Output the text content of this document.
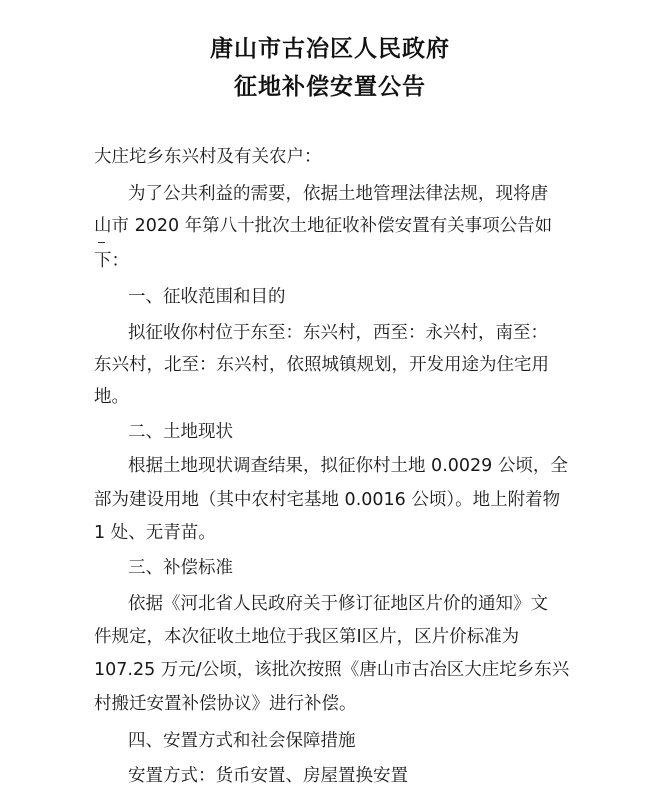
唐山市古冶区人民政府
征地补偿安置公告
大庄坨乡东兴村及有关农户：
为了公共利益的需要，依据土地管理法律法规，现将唐
山市 2020 年第八十批次土地征收补偿安置有关事项公告如
下：
一、征收范围和目的
拟征收你村位于东至：东兴村，西至：永兴村，南至：
东兴村，北至：东兴村，依照城镇规划，开发用途为住宅用
地。
二、土地现状
根据土地现状调查结果，拟征你村土地 0.0029 公顷，全
部为建设用地（其中农村宅基地 0.0016 公顷）。地上附着物
1 处、无青苗。
三、补偿标准
依据《河北省人民政府关于修订征地区片价的通知》文
件规定，本次征收土地位于我区第Ⅰ区片，区片价标准为
107.25 万元/公顷，该批次按照《唐山市古冶区大庄坨乡东兴
村搬迁安置补偿协议》进行补偿。
四、安置方式和社会保障措施
安置方式：货币安置、房屋置换安置
